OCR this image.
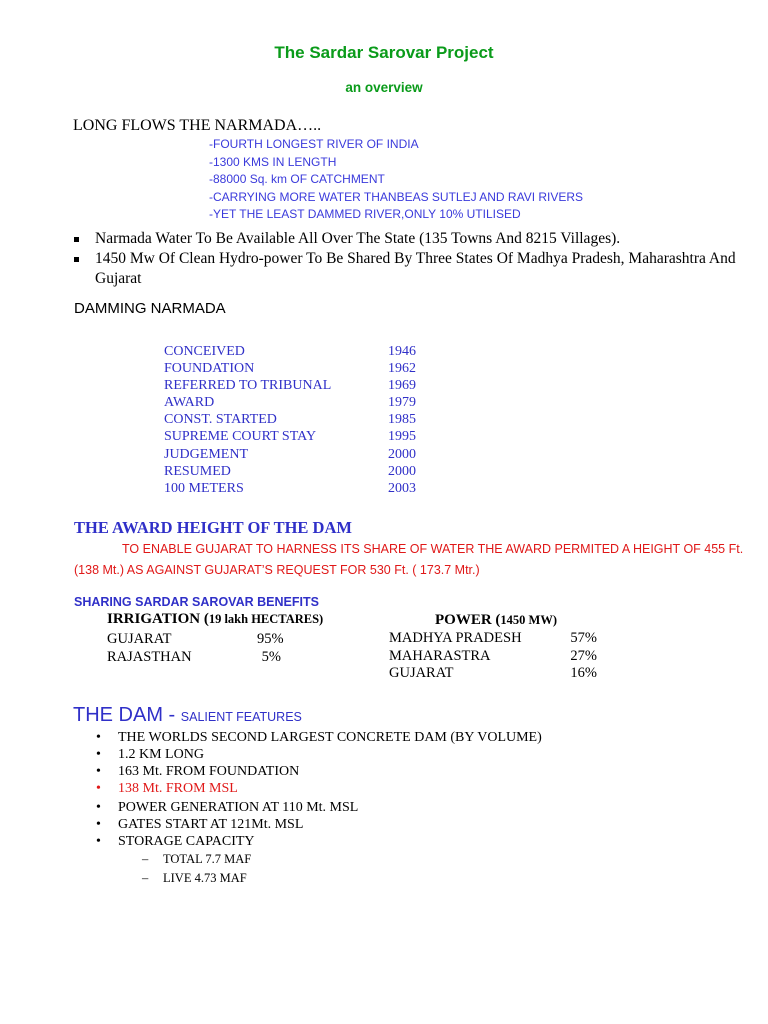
The Sardar Sarovar Project
an overview
LONG FLOWS THE NARMADA…..
-FOURTH LONGEST RIVER OF INDIA
-1300 KMS IN LENGTH
-88000 Sq. km OF CATCHMENT
-CARRYING MORE WATER THANBEAS SUTLEJ AND RAVI RIVERS
-YET THE LEAST DAMMED RIVER,ONLY 10% UTILISED
Narmada Water To Be Available All Over The State (135 Towns And 8215 Villages).
1450 Mw Of Clean Hydro-power To Be Shared By Three States Of Madhya Pradesh, Maharashtra And Gujarat
DAMMING NARMADA
CONCEIVED	1946
FOUNDATION	1962
REFERRED TO TRIBUNAL	1969
AWARD	1979
CONST. STARTED	1985
SUPREME COURT STAY	1995
JUDGEMENT	2000
RESUMED	2000
100 METERS	2003
THE AWARD HEIGHT OF THE DAM
TO ENABLE GUJARAT TO HARNESS ITS SHARE OF WATER THE AWARD PERMITED A HEIGHT OF 455 Ft. (138 Mt.) AS AGAINST GUJARAT’S REQUEST FOR 530 Ft. ( 173.7 Mtr.)
SHARING SARDAR SAROVAR BENEFITS
IRRIGATION (19 lakh HECTARES)	POWER (1450 MW)
GUJARAT	95%
RAJASTHAN	5%
MADHYA PRADESH	57%
MAHARASTRA	27%
GUJARAT	16%
THE DAM - SALIENT FEATURES
• THE WORLDS SECOND LARGEST CONCRETE DAM (BY VOLUME)
• 1.2 KM LONG
• 163 Mt. FROM FOUNDATION
• 138 Mt. FROM MSL
• POWER GENERATION AT 110 Mt. MSL
• GATES START AT 121Mt. MSL
• STORAGE CAPACITY
– TOTAL 7.7 MAF
– LIVE 4.73 MAF
